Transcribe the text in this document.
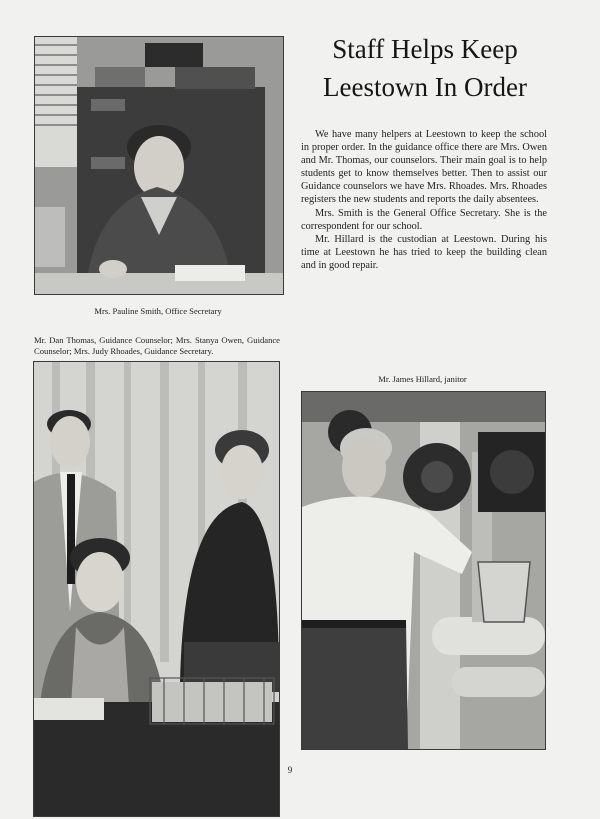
Mrs. Pauline Smith, Office Secretary
Staff Helps Keep
Leestown In Order

We have many helpers at Leestown to keep the school in proper order. In the guidance office there are Mrs. Owen and Mr. Thomas, our counselors. Their main goal is to help students get to know themselves better. Then to assist our Guidance counselors we have Mrs. Rhoades. Mrs. Rhoades registers the new students and reports the daily absentees.

Mrs. Smith is the General Office Secretary. She is the correspondent for our school.

Mr. Hillard is the custodian at Leestown. During his time at Leestown he has tried to keep the building clean and in good repair.

Mr. Dan Thomas, Guidance Counselor; Mrs. Stanya Owen, Guidance Counselor; Mrs. Judy Rhoades, Guidance Secretary.
Mr. James Hillard, janitor
9
